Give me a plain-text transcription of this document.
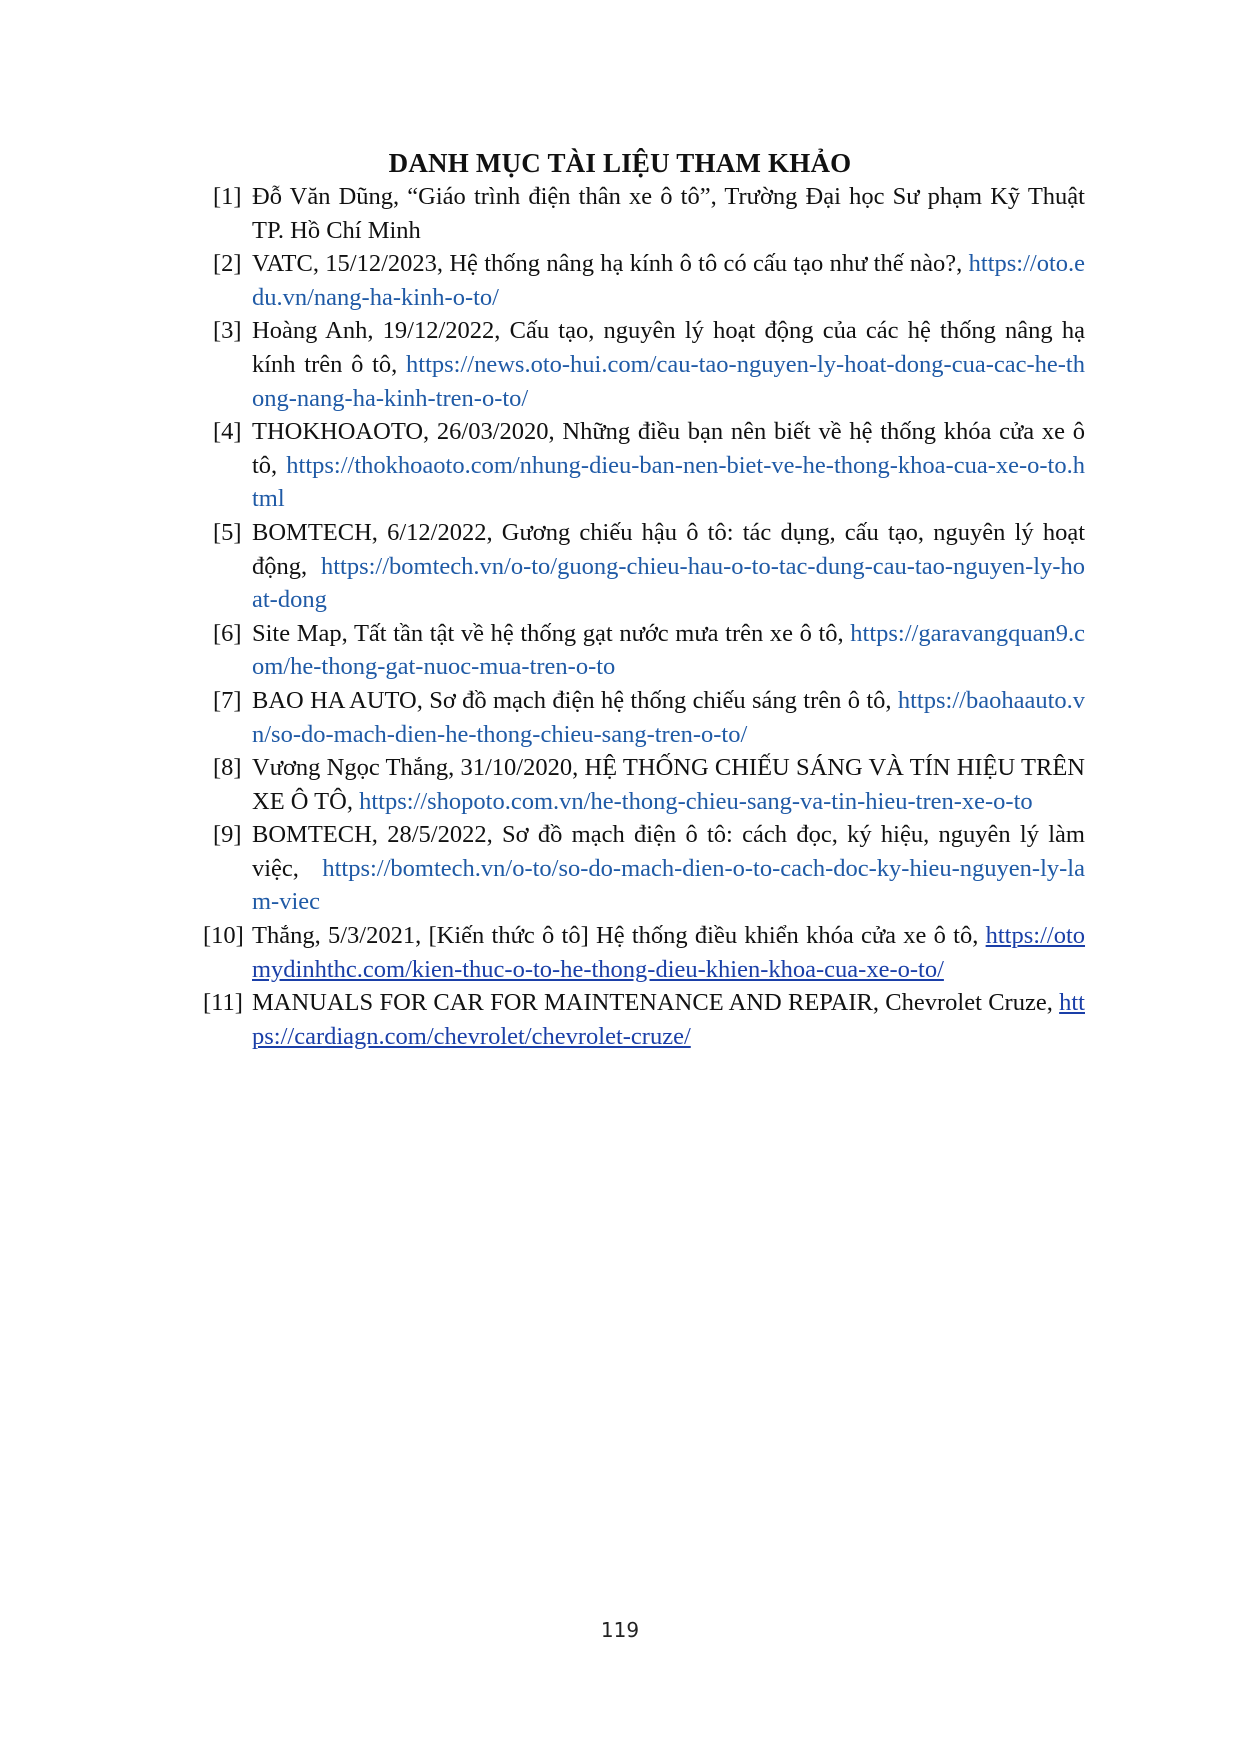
DANH MỤC TÀI LIỆU THAM KHẢO
[1] Đỗ Văn Dũng, “Giáo trình điện thân xe ô tô”, Trường Đại học Sư phạm Kỹ Thuật TP. Hồ Chí Minh
[2] VATC, 15/12/2023, Hệ thống nâng hạ kính ô tô có cấu tạo như thế nào?, https://oto.edu.vn/nang-ha-kinh-o-to/
[3] Hoàng Anh, 19/12/2022, Cấu tạo, nguyên lý hoạt động của các hệ thống nâng hạ kính trên ô tô, https://news.oto-hui.com/cau-tao-nguyen-ly-hoat-dong-cua-cac-he-thong-nang-ha-kinh-tren-o-to/
[4] THOKHOAOTO, 26/03/2020, Những điều bạn nên biết về hệ thống khóa cửa xe ô tô, https://thokhoaoto.com/nhung-dieu-ban-nen-biet-ve-he-thong-khoa-cua-xe-o-to.html
[5] BOMTECH, 6/12/2022, Gương chiếu hậu ô tô: tác dụng, cấu tạo, nguyên lý hoạt động, https://bomtech.vn/o-to/guong-chieu-hau-o-to-tac-dung-cau-tao-nguyen-ly-hoat-dong
[6] Site Map, Tất tần tật về hệ thống gạt nước mưa trên xe ô tô, https://garavangquan9.com/he-thong-gat-nuoc-mua-tren-o-to
[7] BAO HA AUTO, Sơ đồ mạch điện hệ thống chiếu sáng trên ô tô, https://baohaauto.vn/so-do-mach-dien-he-thong-chieu-sang-tren-o-to/
[8] Vương Ngọc Thắng, 31/10/2020, HỆ THỐNG CHIẾU SÁNG VÀ TÍN HIỆU TRÊN XE Ô TÔ, https://shopoto.com.vn/he-thong-chieu-sang-va-tin-hieu-tren-xe-o-to
[9] BOMTECH, 28/5/2022, Sơ đồ mạch điện ô tô: cách đọc, ký hiệu, nguyên lý làm việc, https://bomtech.vn/o-to/so-do-mach-dien-o-to-cach-doc-ky-hieu-nguyen-ly-lam-viec
[10] Thắng, 5/3/2021, [Kiến thức ô tô] Hệ thống điều khiển khóa cửa xe ô tô, https://otomydinhthc.com/kien-thuc-o-to-he-thong-dieu-khien-khoa-cua-xe-o-to/
[11] MANUALS FOR CAR FOR MAINTENANCE AND REPAIR, Chevrolet Cruze, https://cardiagn.com/chevrolet/chevrolet-cruze/
119
